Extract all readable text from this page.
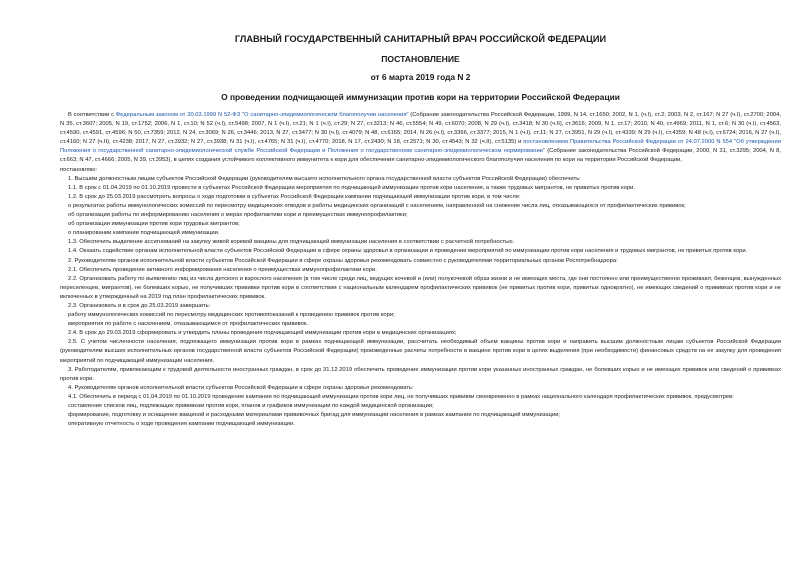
ГЛАВНЫЙ ГОСУДАРСТВЕННЫЙ САНИТАРНЫЙ ВРАЧ РОССИЙСКОЙ ФЕДЕРАЦИИ
ПОСТАНОВЛЕНИЕ
от 6 марта 2019 года N 2
О проведении подчищающей иммунизации против кори на территории Российской Федерации

В соответствии с Федеральным законом от 30.03.1999 N 52-ФЗ "О санитарно-эпидемиологическом благополучии населения" (Собрание законодательства Российской Федерации, 1999, N 14, ст.1650; 2002, N 1, (ч.I), ст.2; 2003, N 2, ст.167; N 27 (ч.I), ст.2700; 2004, N 35, ст.3607; 2005, N 19, ст.1752; 2006, N 1, ст.10; N 52 (ч.I), ст.5498; 2007, N 1 (ч.I), ст.21; N 1 (ч.I), ст.29; N 27, ст.3213; N 46, ст.5554; N 49, ст.6070; 2008, N 29 (ч.I), ст.3418; N 30 (ч.II), ст.3616; 2009, N 1, ст.17; 2010, N 40, ст.4969; 2011, N 1, ст.6; N 30 (ч.I), ст.4563, ст.4590, ст.4591, ст.4596; N 50, ст.7359; 2012, N 24, ст.3069; N 26, ст.3446; 2013, N 27, ст.3477; N 30 (ч.I), ст.4079; N 48, ст.6165; 2014, N 26 (ч.I), ст.3366, ст.3377; 2015, N 1 (ч.I), ст.11; N 27, ст.3951, N 29 (ч.I), ст.4339; N 29 (ч.I), ст.4359; N 48 (ч.I), ст.6724; 2016, N 27 (ч.I), ст.4160; N 27 (ч.II), ст.4238; 2017, N 27, ст.3932; N 27, ст.3938; N 31 (ч.I), ст.4765; N 31 (ч.I), ст.4770; 2018, N 17, ст.2430; N 18, ст.2571; N 30, ст.4543; N 32 (ч.II), ст.5135) и постановлением Правительства Российской Федерации от 24.07.2000 N 554 "Об утверждении Положения о государственной санитарно-эпидемиологической службе Российской Федерации и Положения о государственном санитарно-эпидемиологическом нормировании" (Собрание законодательства Российской Федерации, 2000, N 31, ст.3295; 2004, N 8, ст.663; N 47, ст.4666; 2005, N 39, ст.3953), в целях создания устойчивого коллективного иммунитета к кори для обеспечения санитарно-эпидемиологического благополучия населения по кори на территории Российской Федерации,

постановляю:

1. Высшим должностным лицам субъектов Российской Федерации (руководителям высшего исполнительного органа государственной власти субъектов Российской Федерации) обеспечить:

1.1. В срок с 01.04.2019 по 01.10.2019 провести в субъектах Российской Федерации мероприятия по подчищающей иммунизации против кори населения, а также трудовых мигрантов, не привитых против кори.

1.2. В срок до 25.03.2019 рассмотреть вопросы о ходе подготовки в субъектах Российской Федерации кампании подчищающей иммунизации против кори, в том числе:

о результатах работы иммунологических комиссий по пересмотру медицинских отводов и работы медицинских организаций с населением, направленной на снижение числа лиц, отказывающихся от профилактических прививок;

об организации работы по информированию населения о мерах профилактики кори и преимуществах иммунопрофилактики;

об организации иммунизации против кори трудовых мигрантов;

о планировании кампании подчищающей иммунизации.

1.3. Обеспечить выделение ассигнований на закупку живой коревой вакцины для подчищающей иммунизации населения в соответствии с расчетной потребностью.

1.4. Оказать содействие органам исполнительной власти субъектов Российской Федерации в сфере охраны здоровья в организации и проведении мероприятий по иммунизации против кори населения и трудовых мигрантов, не привитых против кори.

2. Руководителям органов исполнительной власти субъектов Российской Федерации в сфере охраны здоровья рекомендовать совместно с руководителями территориальных органов Роспотребнадзора:

2.1. Обеспечить проведение активного информирования населения о преимуществах иммунопрофилактики кори.

2.2. Организовать работу по выявлению лиц из числа детского и взрослого населения (в том числе среди лиц, ведущих кочевой и (или) полукочевой образ жизни и не имеющих места, где они постоянно или преимущественно проживают, беженцев, вынужденных переселенцев, мигрантов), не болевших корью, не получивших прививки против кори в соответствии с национальным календарем профилактических прививок (не привитых против кори, привитых однократно), не имеющих сведений о прививках против кори и не включенных в утвержденный на 2019 год план профилактических прививок.

2.3. Организовать и в срок до 25.03.2019 завершить:

работу иммунологических комиссий по пересмотру медицинских противопоказаний к проведению прививок против кори;

мероприятия по работе с населением, отказывающимся от профилактических прививок.

2.4. В срок до 29.03.2019 сформировать и утвердить планы проведения подчищающей иммунизации против кори в медицинских организациях;

2.5. С учетом численности населения, подлежащего иммунизации против кори в рамках подчищающей иммунизации, рассчитать необходимый объем вакцины против кори и направить высшим должностным лицам субъектов Российской Федерации (руководителям высших исполнительных органов государственной власти субъектов Российской Федерации) произведенные расчеты потребности в вакцине против кори в целях выделения (при необходимости) финансовых средств на ее закупку для проведения мероприятий по подчищающей иммунизации населения.

3. Работодателям, привлекающим к трудовой деятельности иностранных граждан, в срок до 31.12.2019 обеспечить проведение иммунизации против кори указанных иностранных граждан, не болевших корью и не имеющих прививок или сведений о прививках против кори.

4. Руководителям органов исполнительной власти субъектов Российской Федерации в сфере охраны здоровья рекомендовать:

4.1. Обеспечить в период с 01.04.2019 по 01.10.2019 проведение кампании по подчищающей иммунизации против кори лиц, не получивших прививки своевременно в рамках национального календаря профилактических прививок, предусмотрев:

составление списков лиц, подлежащих прививкам против кори, планов и графиков иммунизации по каждой медицинской организации;

формирование, подготовку и оснащение вакциной и расходными материалами прививочных бригад для иммунизации населения в рамках кампании по подчищающей иммунизации;

оперативную отчетность о ходе проведения кампании подчищающей иммунизации.
